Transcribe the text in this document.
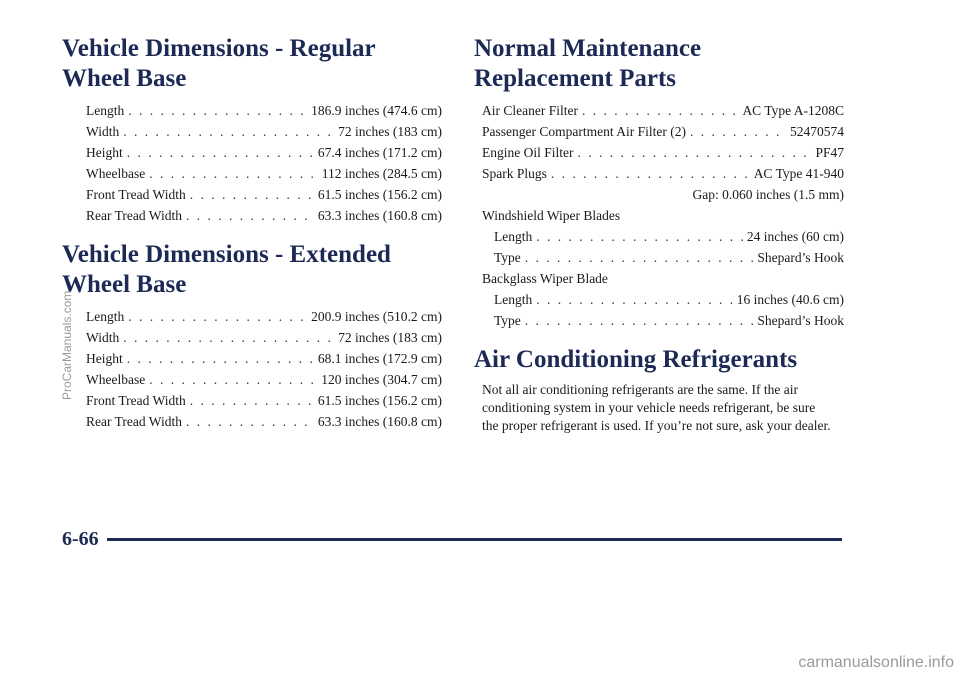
Vehicle Dimensions - Regular
Wheel Base
Length . . .	186.9 inches (474.6 cm)
Width . . .	72 inches (183 cm)
Height . . .	67.4 inches (171.2 cm)
Wheelbase . . .	112 inches (284.5 cm)
Front Tread Width . . .	61.5 inches (156.2 cm)
Rear Tread Width . . .	63.3 inches (160.8 cm)
Vehicle Dimensions - Extended
Wheel Base
Length . . .	200.9 inches (510.2 cm)
Width . . .	72 inches (183 cm)
Height . . .	68.1 inches (172.9 cm)
Wheelbase . . .	120 inches (304.7 cm)
Front Tread Width . . .	61.5 inches (156.2 cm)
Rear Tread Width . . .	63.3 inches (160.8 cm)
Normal Maintenance
Replacement Parts
Air Cleaner Filter . . .	AC Type A-1208C
Passenger Compartment Air Filter (2) . . .	52470574
Engine Oil Filter . . .	PF47
Spark Plugs . . .	AC Type 41-940
Gap: 0.060 inches (1.5 mm)
Windshield Wiper Blades
Length . . .	24 inches (60 cm)
Type . . .	Shepard’s Hook
Backglass Wiper Blade
Length . . .	16 inches (40.6 cm)
Type . . .	Shepard’s Hook
Air Conditioning Refrigerants

Not all air conditioning refrigerants are the same. If the air conditioning system in your vehicle needs refrigerant, be sure the proper refrigerant is used. If you’re not sure, ask your dealer.

6-66
ProCarManuals.com
carmanualsonline.info
